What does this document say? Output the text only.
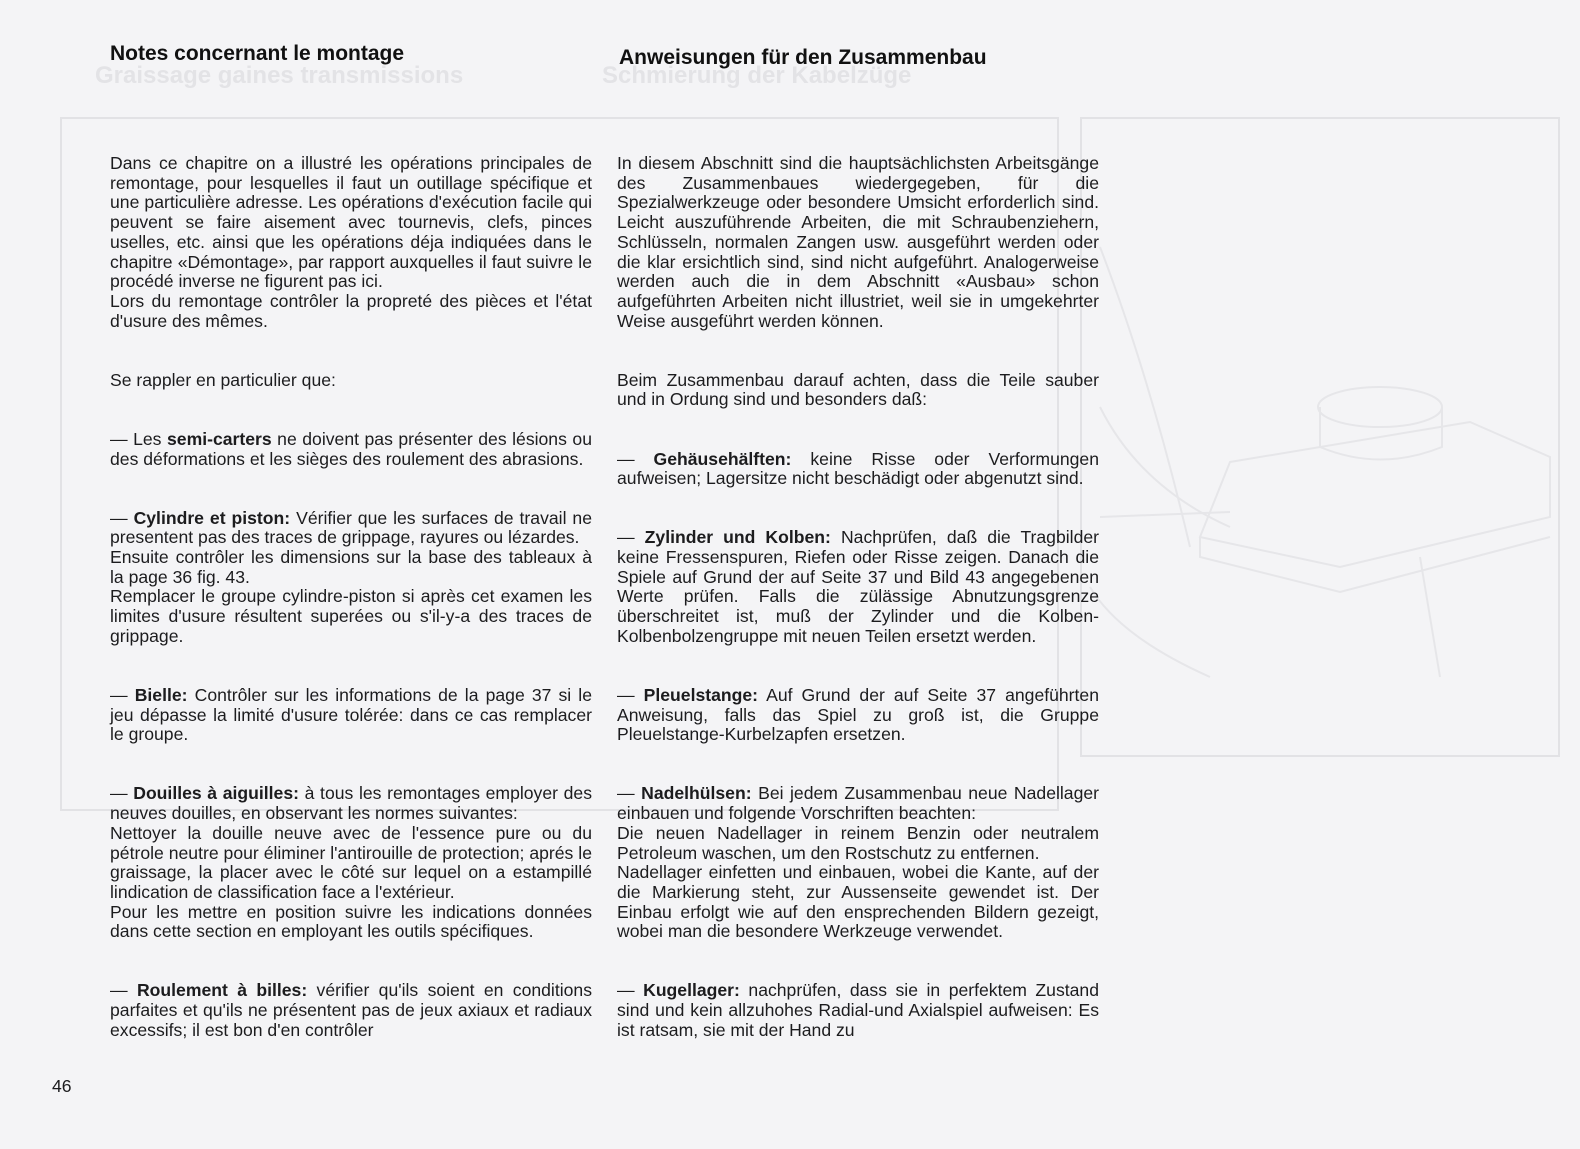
Graissage gaines transmissions	Schmierung der Kabelzüge
Notes concernant le montage	Anweisungen für den Zusammenbau

Dans ce chapitre on a illustré les opérations principales de remontage, pour lesquelles il faut un outillage spécifique et une particulière adresse. Les opérations d'exécution facile qui peuvent se faire aisement avec tournevis, clefs, pinces uselles, etc. ainsi que les opérations déja indiquées dans le chapitre «Démontage», par rapport auxquelles il faut suivre le procédé inverse ne figurent pas ici.

Lors du remontage contrôler la propreté des pièces et l'état d'usure des mêmes.

Se rappler en particulier que:

— Les semi-carters ne doivent pas présenter des lésions ou des déformations et les sièges des roulement des abrasions.

— Cylindre et piston: Vérifier que les surfaces de travail ne presentent pas des traces de grippage, rayures ou lézardes.

Ensuite contrôler les dimensions sur la base des tableaux à la page 36 fig. 43.

Remplacer le groupe cylindre-piston si après cet examen les limites d'usure résultent superées ou s'il-y-a des traces de grippage.

— Bielle: Contrôler sur les informations de la page 37 si le jeu dépasse la limité d'usure tolérée: dans ce cas remplacer le groupe.

— Douilles à aiguilles: à tous les remontages employer des neuves douilles, en observant les normes suivantes:

Nettoyer la douille neuve avec de l'essence pure ou du pétrole neutre pour éliminer l'antirouille de protection; aprés le graissage, la placer avec le côté sur lequel on a estampillé lindication de classification face a l'extérieur.

Pour les mettre en position suivre les indications données dans cette section en employant les outils spécifiques.

— Roulement à billes: vérifier qu'ils soient en conditions parfaites et qu'ils ne présentent pas de jeux axiaux et radiaux excessifs; il est bon d'en contrôler

In diesem Abschnitt sind die hauptsächlichsten Arbeitsgänge des Zusammenbaues wiedergegeben, für die Spezialwerkzeuge oder besondere Umsicht erforderlich sind. Leicht auszuführende Arbeiten, die mit Schraubenziehern, Schlüsseln, normalen Zangen usw. ausgeführt werden oder die klar ersichtlich sind, sind nicht aufgeführt. Analogerweise werden auch die in dem Abschnitt «Ausbau» schon aufgeführten Arbeiten nicht illustriet, weil sie in umgekehrter Weise ausgeführt werden können.

Beim Zusammenbau darauf achten, dass die Teile sauber und in Ordung sind und besonders daß:

— Gehäusehälften: keine Risse oder Verformungen aufweisen; Lagersitze nicht beschädigt oder abgenutzt sind.

— Zylinder und Kolben: Nachprüfen, daß die Tragbilder keine Fressenspuren, Riefen oder Risse zeigen. Danach die Spiele auf Grund der auf Seite 37 und Bild 43 angegebenen Werte prüfen. Falls die zülässige Abnutzungsgrenze überschreitet ist, muß der Zylinder und die Kolben-Kolbenbolzengruppe mit neuen Teilen ersetzt werden.

— Pleuelstange: Auf Grund der auf Seite 37 angeführten Anweisung, falls das Spiel zu groß ist, die Gruppe Pleuelstange-Kurbelzapfen ersetzen.

— Nadelhülsen: Bei jedem Zusammenbau neue Nadellager einbauen und folgende Vorschriften beachten:

Die neuen Nadellager in reinem Benzin oder neutralem Petroleum waschen, um den Rostschutz zu entfernen.

Nadellager einfetten und einbauen, wobei die Kante, auf der die Markierung steht, zur Aussenseite gewendet ist. Der Einbau erfolgt wie auf den ensprechenden Bildern gezeigt, wobei man die besondere Werkzeuge verwendet.

— Kugellager: nachprüfen, dass sie in perfektem Zustand sind und kein allzuhohes Radial-und Axialspiel aufweisen: Es ist ratsam, sie mit der Hand zu

46
